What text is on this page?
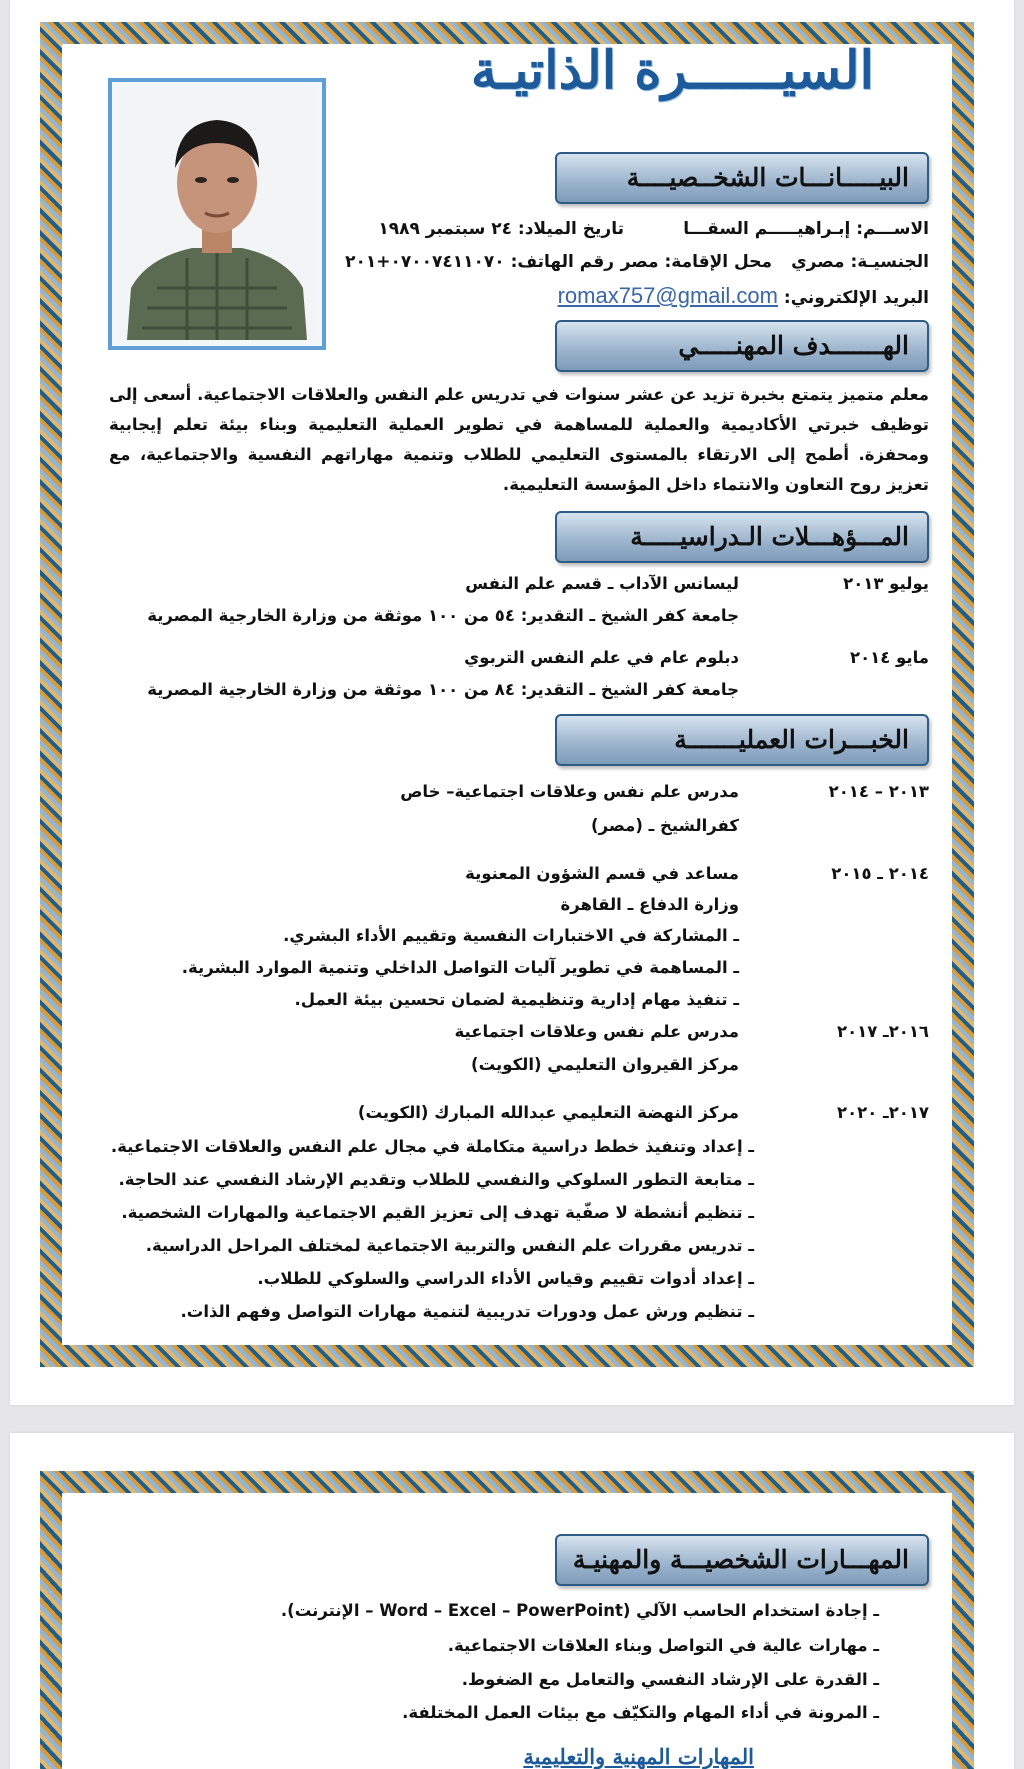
السيــــــرة الذاتيـة
البيـــــانـــات الشخــصيــــة
الاســـم: إبـراهيـــــم السقـــا
تاريخ الميلاد: ٢٤ سبتمبر ١٩٨٩
الجنسيـة: مصري
محل الإقامة: مصر
رقم الهاتف: ٠٧٠٠٧٤١١٠٧٠+٢٠١
البريد الإلكتروني: romax757@gmail.com
الهـــــــدف المهنـــــي
معلم متميز يتمتع بخبرة تزيد عن عشر سنوات في تدريس علم النفس والعلاقات الاجتماعية. أسعى إلى توظيف خبرتي الأكاديمية والعملية للمساهمة في تطوير العملية التعليمية وبناء بيئة تعلم إيجابية ومحفزة. أطمح إلى الارتقاء بالمستوى التعليمي للطلاب وتنمية مهاراتهم النفسية والاجتماعية، مع تعزيز روح التعاون والانتماء داخل المؤسسة التعليمية.
المـــؤهـــلات الـدراسيـــــة
يوليو ٢٠١٣
ليسانس الآداب ـ قسم علم النفس
جامعة كفر الشيخ ـ التقدير: ٥٤ من ١٠٠ موثقة من وزارة الخارجية المصرية
مايو ٢٠١٤
دبلوم عام في علم النفس التربوي
جامعة كفر الشيخ ـ التقدير: ٨٤ من ١٠٠ موثقة من وزارة الخارجية المصرية
الخبـــرات العمليـــــــة
٢٠١٣ – ٢٠١٤
مدرس علم نفس وعلاقات اجتماعية– خاص
كفرالشيخ ـ (مصر)
٢٠١٤ ـ ٢٠١٥
مساعد في قسم الشؤون المعنوية
وزارة الدفاع ـ القاهرة
ـ المشاركة في الاختبارات النفسية وتقييم الأداء البشري.
ـ المساهمة في تطوير آليات التواصل الداخلي وتنمية الموارد البشرية.
ـ تنفيذ مهام إدارية وتنظيمية لضمان تحسين بيئة العمل.
٢٠١٦ـ ٢٠١٧
مدرس علم نفس وعلاقات اجتماعية
مركز القيروان التعليمي (الكويت)
٢٠١٧ـ ٢٠٢٠
مركز النهضة التعليمي عبدالله المبارك (الكويت)
ـ إعداد وتنفيذ خطط دراسية متكاملة في مجال علم النفس والعلاقات الاجتماعية.
ـ متابعة التطور السلوكي والنفسي للطلاب وتقديم الإرشاد النفسي عند الحاجة.
ـ تنظيم أنشطة لا صفّية تهدف إلى تعزيز القيم الاجتماعية والمهارات الشخصية.
ـ تدريس مقررات علم النفس والتربية الاجتماعية لمختلف المراحل الدراسية.
ـ إعداد أدوات تقييم وقياس الأداء الدراسي والسلوكي للطلاب.
ـ تنظيم ورش عمل ودورات تدريبية لتنمية مهارات التواصل وفهم الذات.
المهـــارات الشخصيـــة والمهنيـة
ـ إجادة استخدام الحاسب الآلي (Word – Excel – PowerPoint – الإنترنت).
ـ مهارات عالية في التواصل وبناء العلاقات الاجتماعية.
ـ القدرة على الإرشاد النفسي والتعامل مع الضغوط.
ـ المرونة في أداء المهام والتكيّف مع بيئات العمل المختلفة.
المهارات المهنية والتعليمية
